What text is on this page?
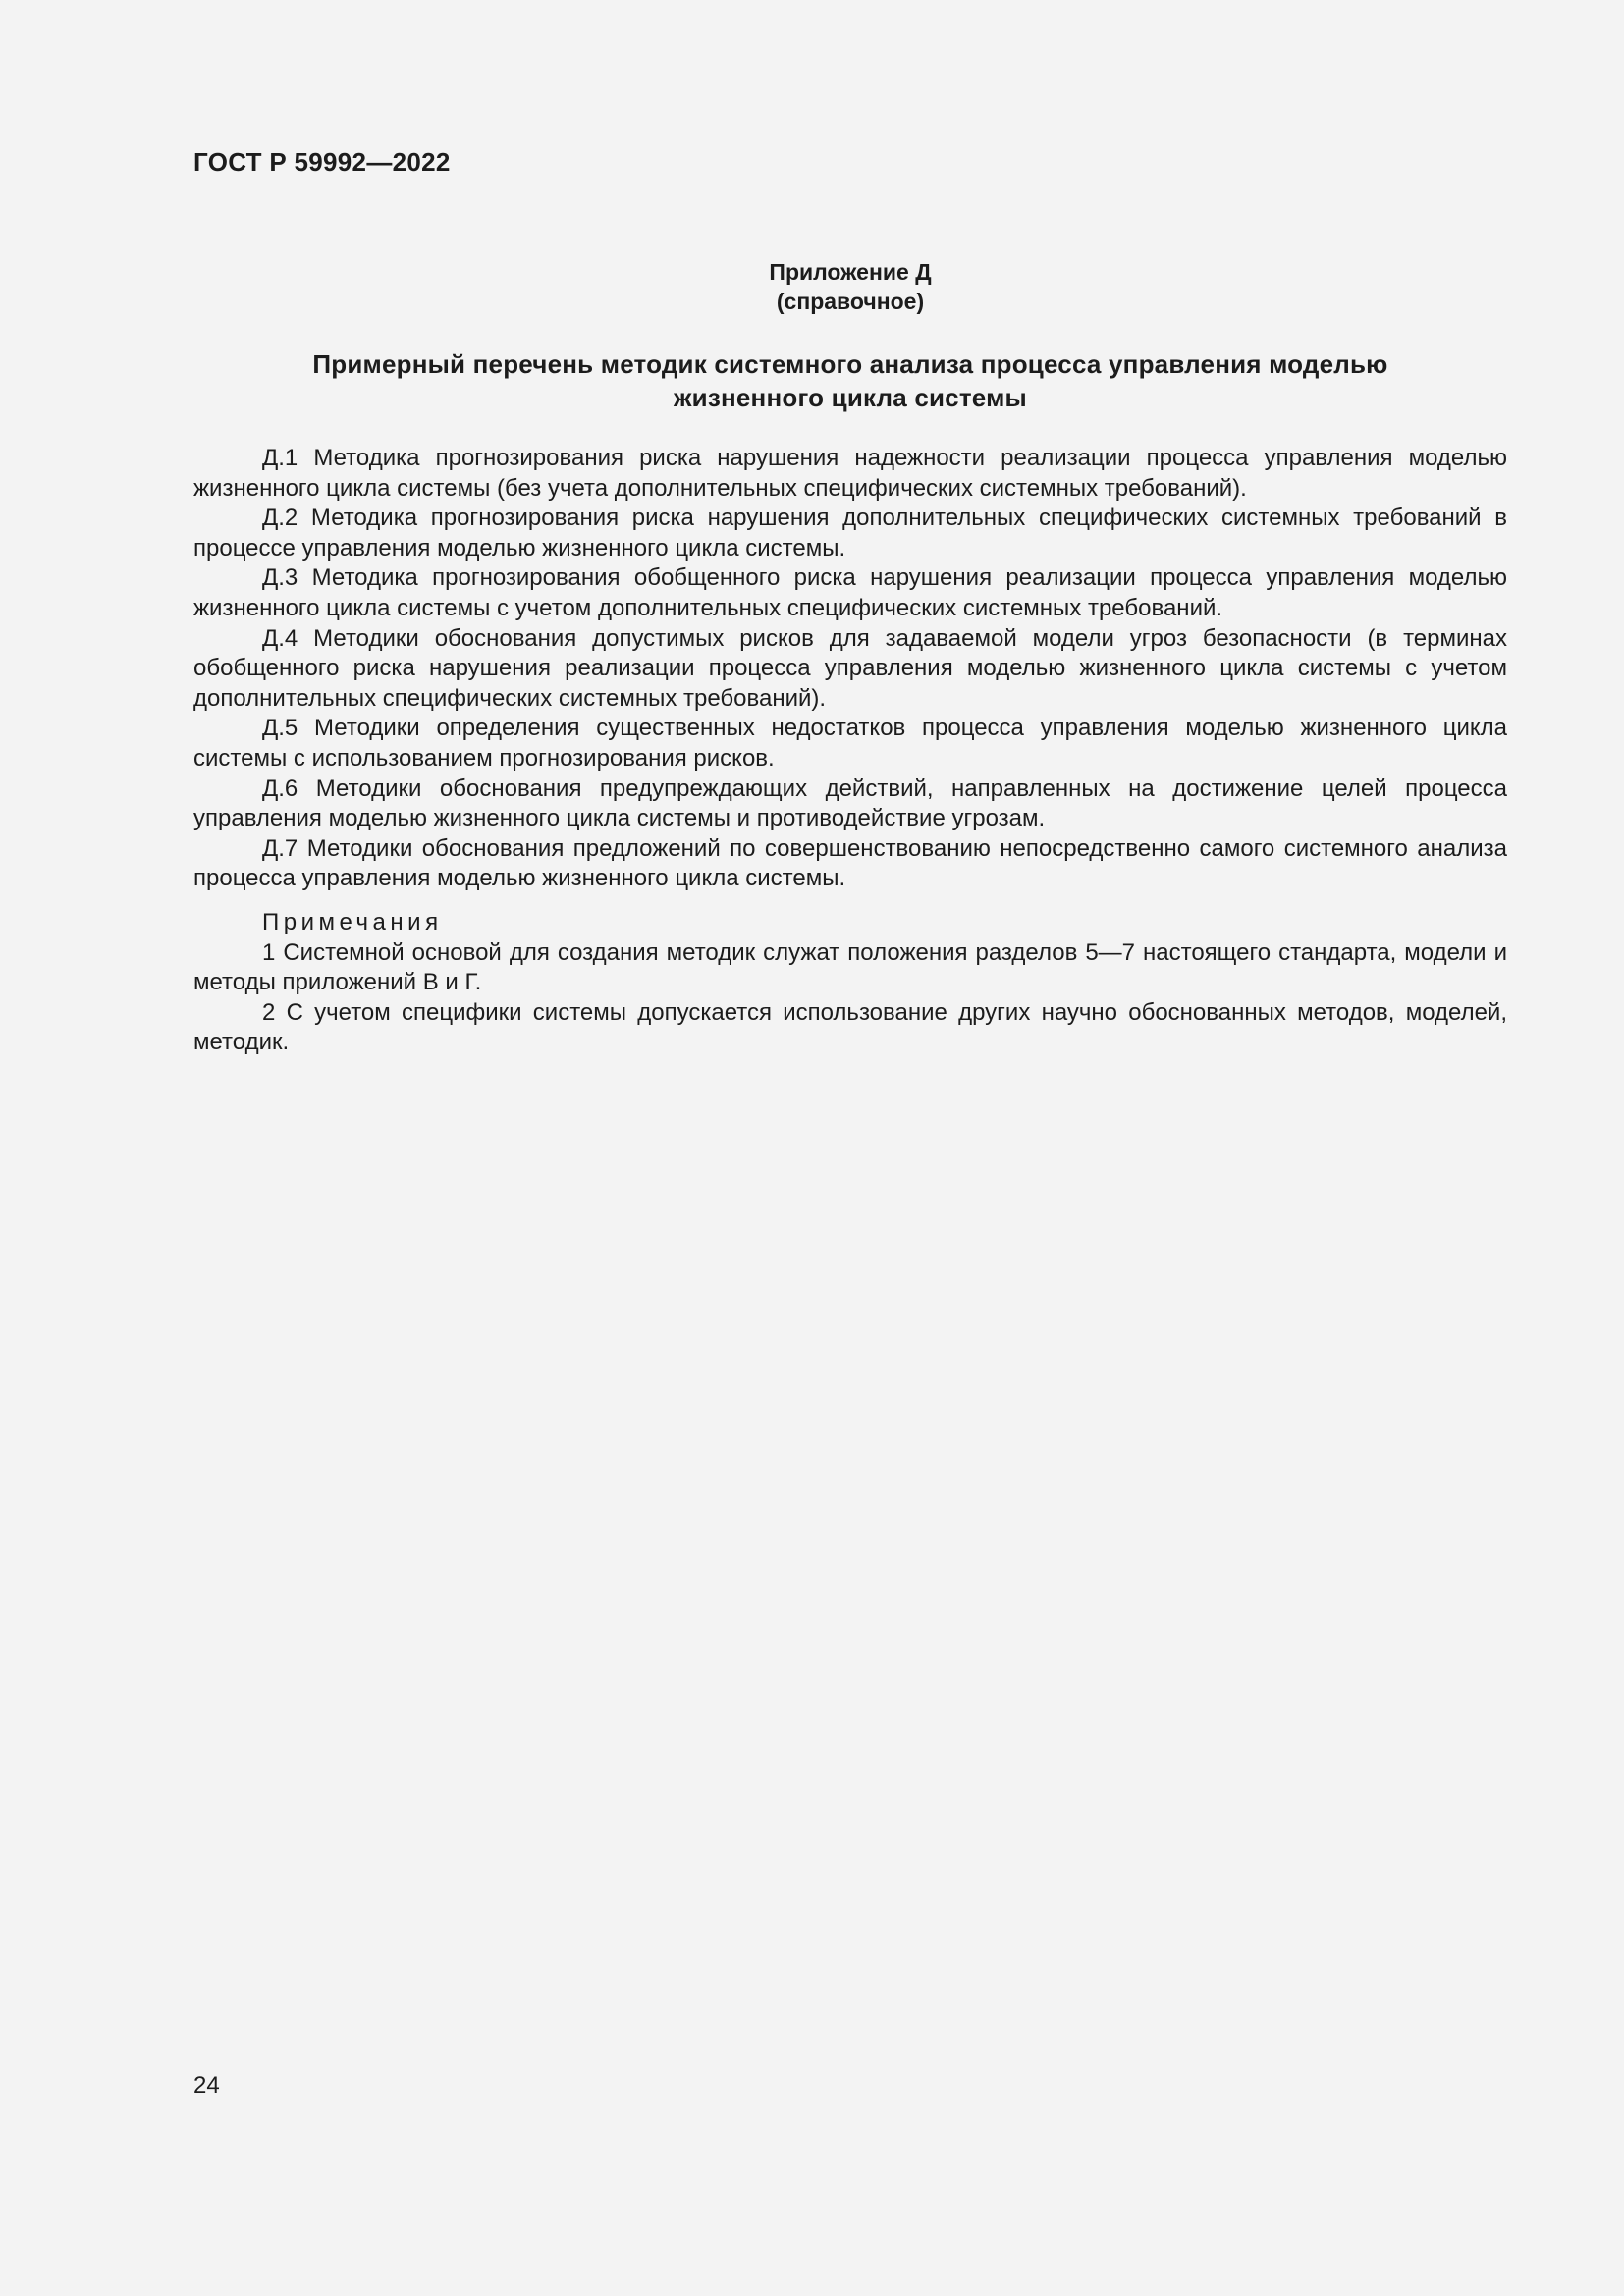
ГОСТ Р 59992—2022
Приложение Д
(справочное)
Примерный перечень методик системного анализа процесса управления моделью
жизненного цикла системы

Д.1 Методика прогнозирования риска нарушения надежности реализации процесса управления моделью жизненного цикла системы (без учета дополнительных специфических системных требований).

Д.2 Методика прогнозирования риска нарушения дополнительных специфических системных требований в процессе управления моделью жизненного цикла системы.

Д.3 Методика прогнозирования обобщенного риска нарушения реализации процесса управления моделью жизненного цикла системы с учетом дополнительных специфических системных требований.

Д.4 Методики обоснования допустимых рисков для задаваемой модели угроз безопасности (в терминах обобщенного риска нарушения реализации процесса управления моделью жизненного цикла системы с учетом дополнительных специфических системных требований).

Д.5 Методики определения существенных недостатков процесса управления моделью жизненного цикла системы с использованием прогнозирования рисков.

Д.6 Методики обоснования предупреждающих действий, направленных на достижение целей процесса управления моделью жизненного цикла системы и противодействие угрозам.

Д.7 Методики обоснования предложений по совершенствованию непосредственно самого системного анализа процесса управления моделью жизненного цикла системы.

Примечания

1 Системной основой для создания методик служат положения разделов 5—7 настоящего стандарта, модели и методы приложений В и Г.

2 С учетом специфики системы допускается использование других научно обоснованных методов, моделей, методик.

24
